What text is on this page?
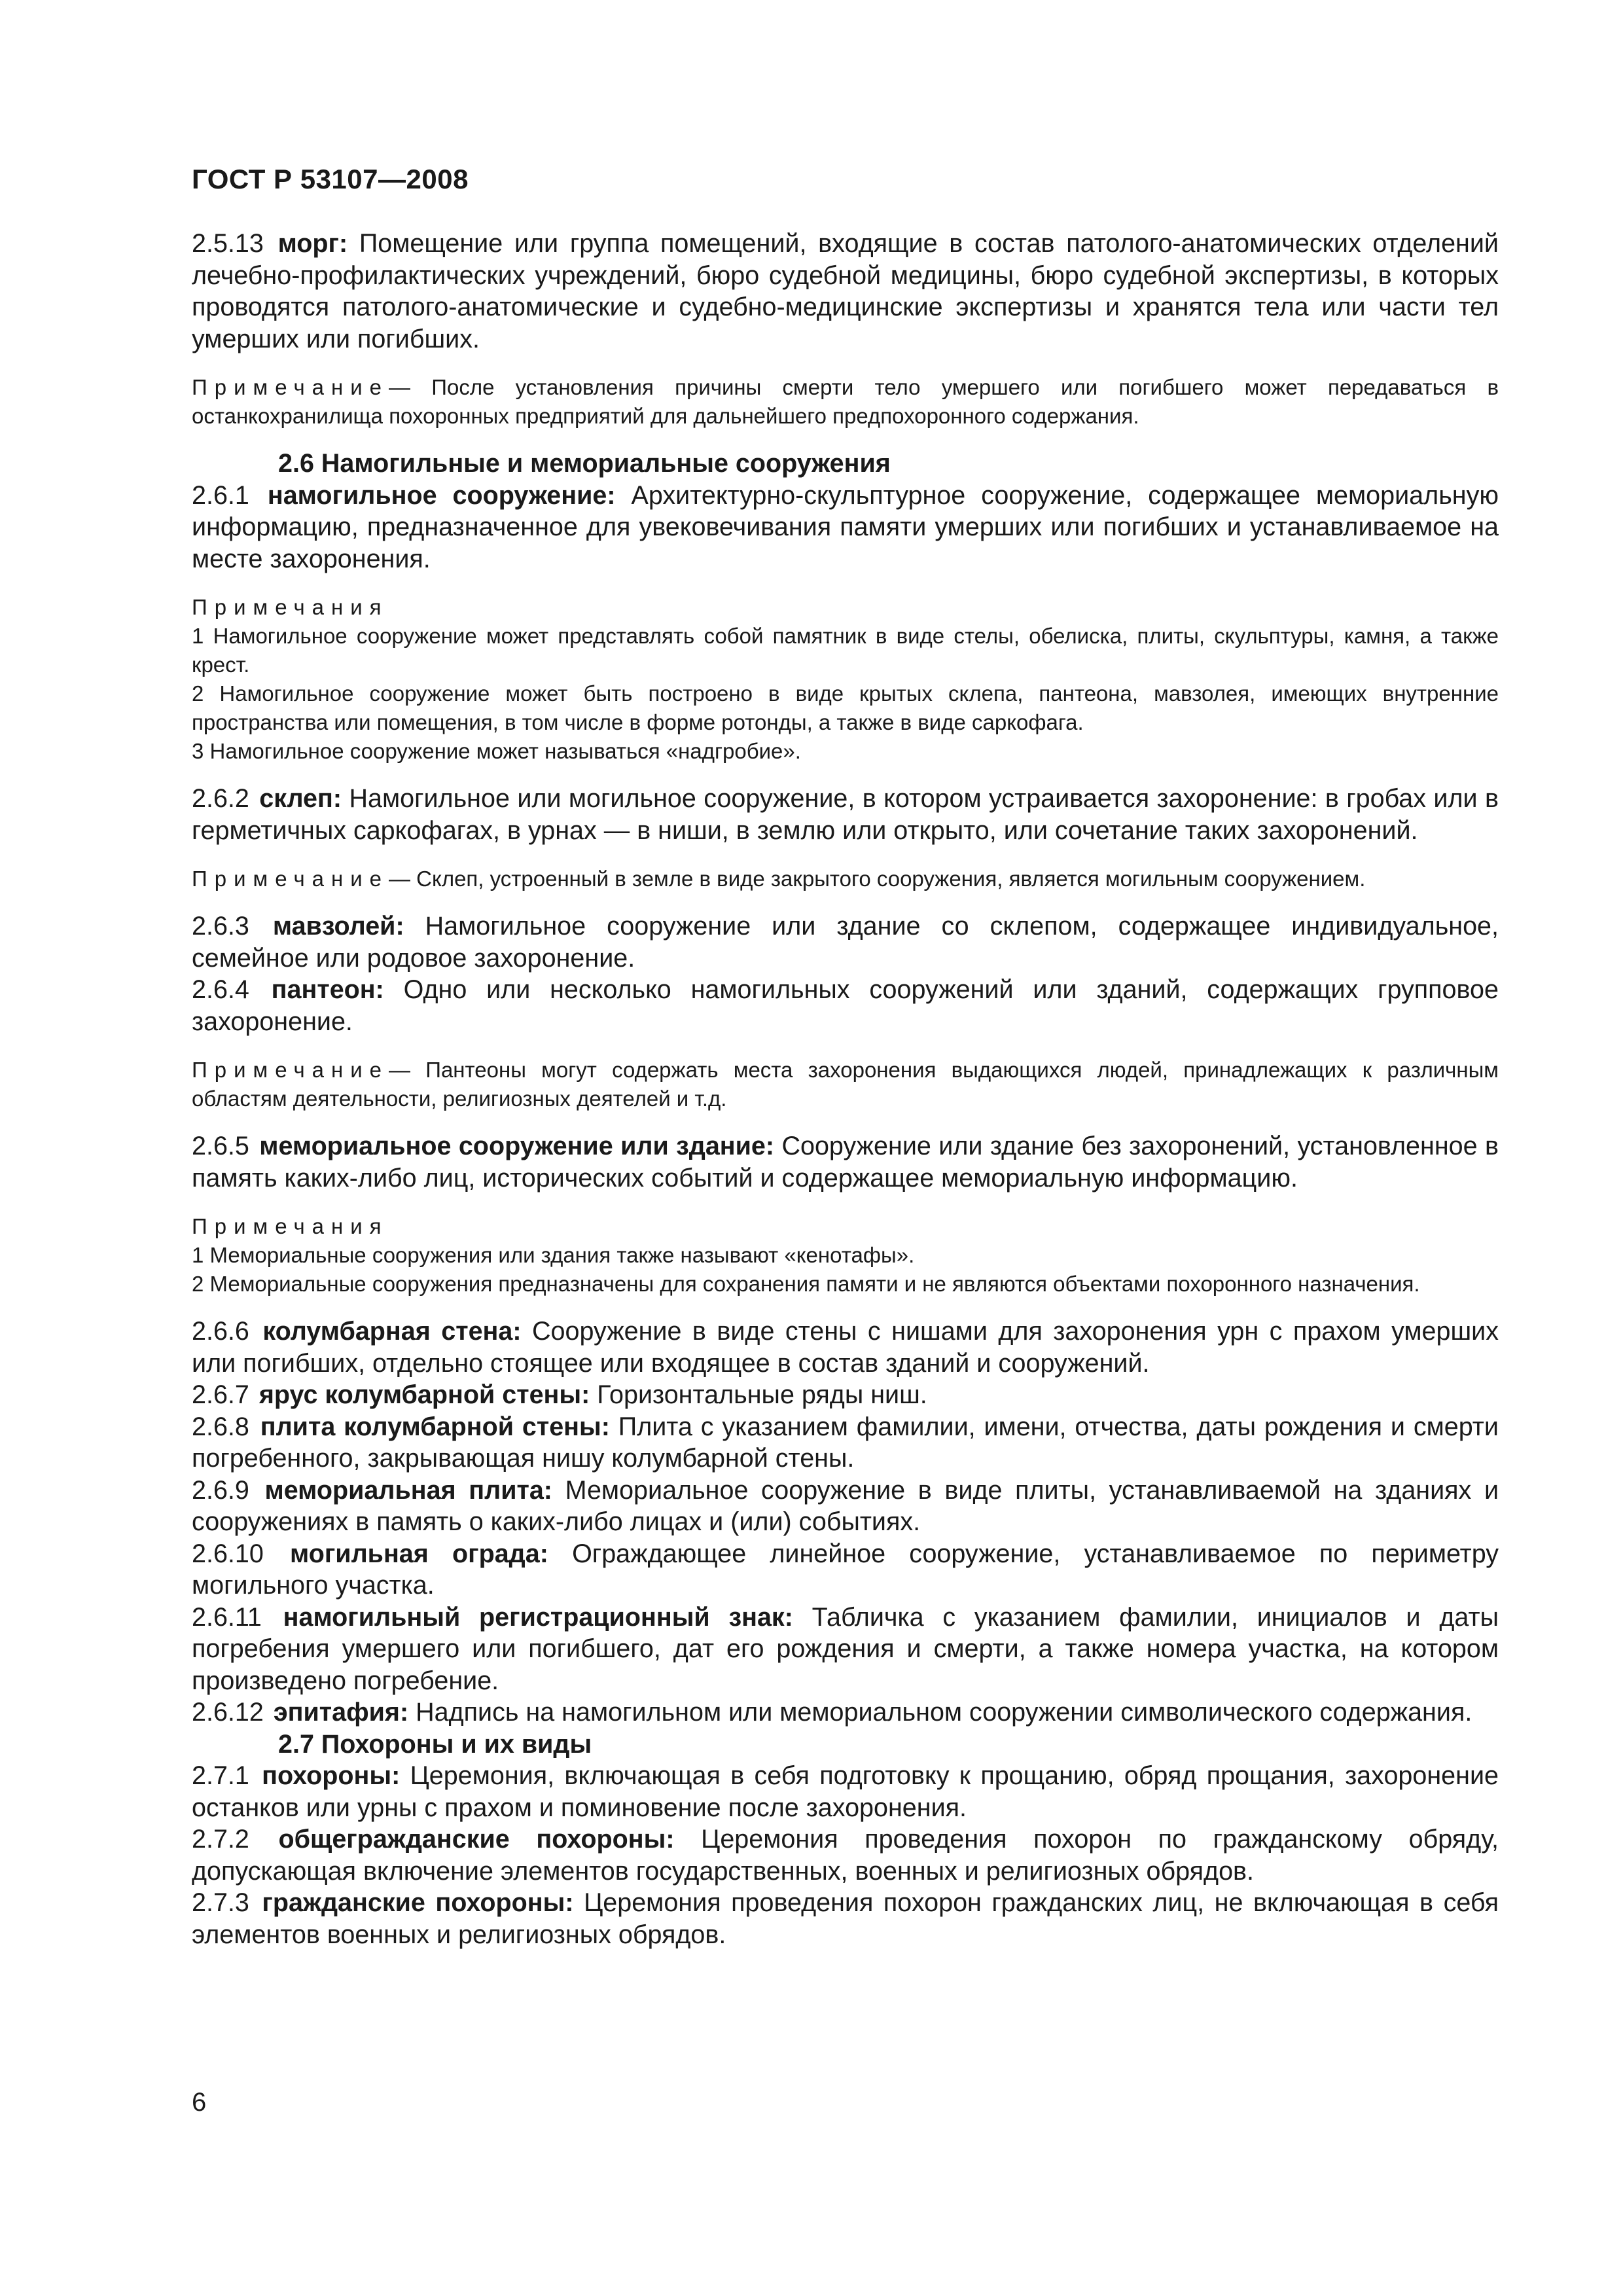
ГОСТ Р 53107—2008

2.5.13 морг: Помещение или группа помещений, входящие в состав патолого-анатомических отделений лечебно-профилактических учреждений, бюро судебной медицины, бюро судебной экспертизы, в которых проводятся патолого-анатомические и судебно-медицинские экспертизы и хранятся тела или части тел умерших или погибших.

Примечание— После установления причины смерти тело умершего или погибшего может передаваться в останкохранилища похоронных предприятий для дальнейшего предпохоронного содержания.

2.6 Намогильные и мемориальные сооружения

2.6.1 намогильное сооружение: Архитектурно-скульптурное сооружение, содержащее мемориальную информацию, предназначенное для увековечивания памяти умерших или погибших и устанавливаемое на месте захоронения.

Примечания

1 Намогильное сооружение может представлять собой памятник в виде стелы, обелиска, плиты, скульптуры, камня, а также крест.

2 Намогильное сооружение может быть построено в виде крытых склепа, пантеона, мавзолея, имеющих внутренние пространства или помещения, в том числе в форме ротонды, а также в виде саркофага.

3 Намогильное сооружение может называться «надгробие».

2.6.2 склеп: Намогильное или могильное сооружение, в котором устраивается захоронение: в гробах или в герметичных саркофагах, в урнах — в ниши, в землю или открыто, или сочетание таких захоронений.

Примечание— Склеп, устроенный в земле в виде закрытого сооружения, является могильным сооружением.

2.6.3 мавзолей: Намогильное сооружение или здание со склепом, содержащее индивидуальное, семейное или родовое захоронение.

2.6.4 пантеон: Одно или несколько намогильных сооружений или зданий, содержащих групповое захоронение.

Примечание— Пантеоны могут содержать места захоронения выдающихся людей, принадлежащих к различным областям деятельности, религиозных деятелей и т.д.

2.6.5 мемориальное сооружение или здание: Сооружение или здание без захоронений, установленное в память каких-либо лиц, исторических событий и содержащее мемориальную информацию.

Примечания

1 Мемориальные сооружения или здания также называют «кенотафы».

2 Мемориальные сооружения предназначены для сохранения памяти и не являются объектами похоронного назначения.

2.6.6 колумбарная стена: Сооружение в виде стены с нишами для захоронения урн с прахом умерших или погибших, отдельно стоящее или входящее в состав зданий и сооружений.

2.6.7 ярус колумбарной стены: Горизонтальные ряды ниш.

2.6.8 плита колумбарной стены: Плита с указанием фамилии, имени, отчества, даты рождения и смерти погребенного, закрывающая нишу колумбарной стены.

2.6.9 мемориальная плита: Мемориальное сооружение в виде плиты, устанавливаемой на зданиях и сооружениях в память о каких-либо лицах и (или) событиях.

2.6.10 могильная ограда: Ограждающее линейное сооружение, устанавливаемое по периметру могильного участка.

2.6.11 намогильный регистрационный знак: Табличка с указанием фамилии, инициалов и даты погребения умершего или погибшего, дат его рождения и смерти, а также номера участка, на котором произведено погребение.

2.6.12 эпитафия: Надпись на намогильном или мемориальном сооружении символического содержания.

2.7 Похороны и их виды

2.7.1 похороны: Церемония, включающая в себя подготовку к прощанию, обряд прощания, захоронение останков или урны с прахом и поминовение после захоронения.

2.7.2 общегражданские похороны: Церемония проведения похорон по гражданскому обряду, допускающая включение элементов государственных, военных и религиозных обрядов.

2.7.3 гражданские похороны: Церемония проведения похорон гражданских лиц, не включающая в себя элементов военных и религиозных обрядов.

6
